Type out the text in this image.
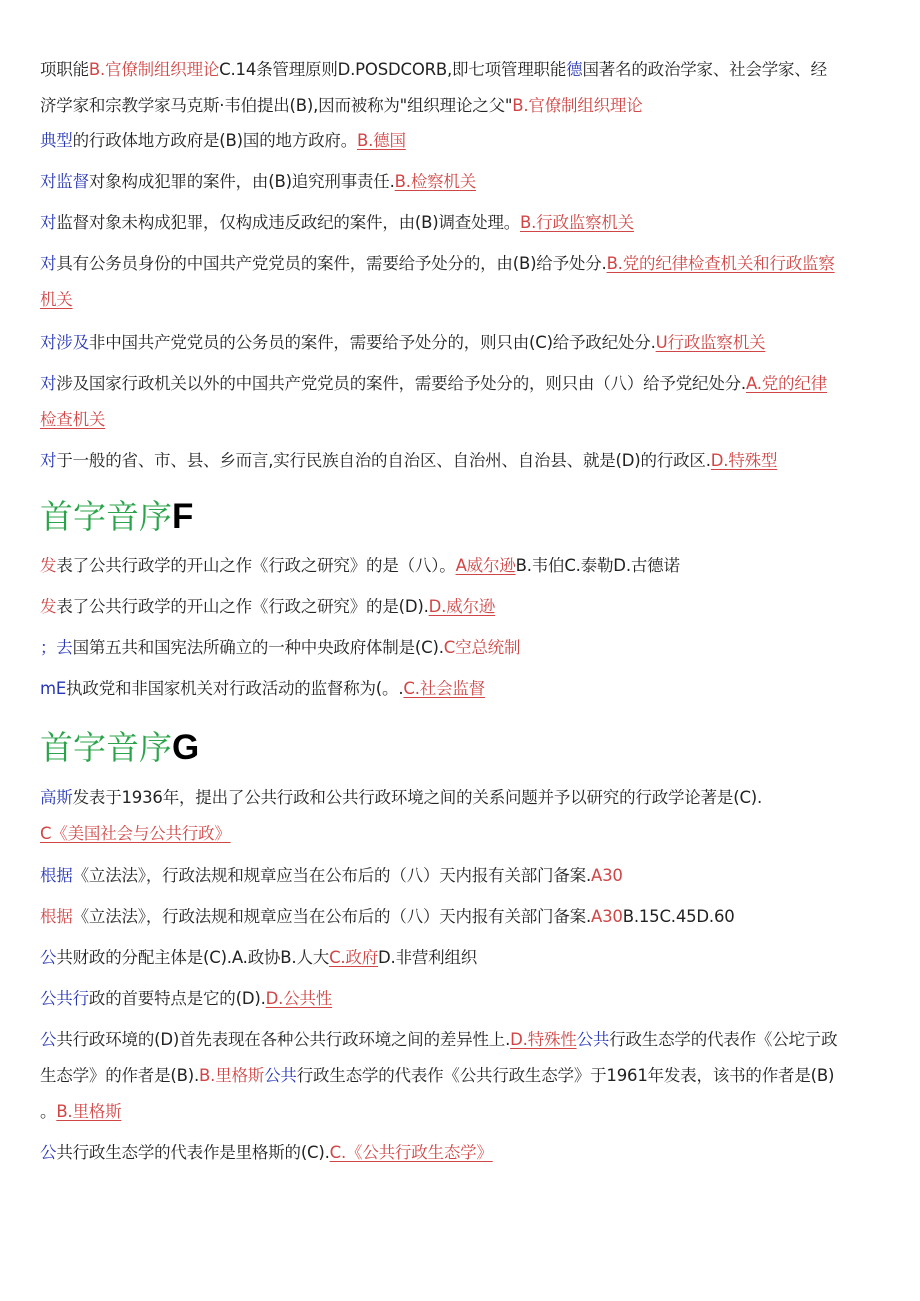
项职能B.官僚制组织理论C.14条管理原则D.POSDCORB,即七项管理职能德国著名的政治学家、社会学家、经
济学家和宗教学家马克斯·韦伯提出(B),因而被称为"组织理论之父"B.官僚制组织理论
典型的行政体地方政府是(B)国的地方政府。B.德国
对监督对象构成犯罪的案件，由(B)追究刑事责任.B.检察机关
对监督对象未构成犯罪，仅构成违反政纪的案件，由(B)调查处理。B.行政监察机关
对具有公务员身份的中国共产党党员的案件，需要给予处分的，由(B)给予处分.B.党的纪律检查机关和行政监察
机关
对涉及非中国共产党党员的公务员的案件，需要给予处分的，则只由(C)给予政纪处分.U行政监察机关
对涉及国家行政机关以外的中国共产党党员的案件，需要给予处分的，则只由（八）给予党纪处分.A.党的纪律
检查机关
对于一般的省、市、县、乡而言,实行民族自治的自治区、自治州、自治县、就是(D)的行政区.D.特殊型
首字音序F
发表了公共行政学的开山之作《行政之研究》的是（八）。A威尔逊B.韦伯C.泰勒D.古德诺
发表了公共行政学的开山之作《行政之研究》的是(D).D.威尔逊
；去国第五共和国宪法所确立的一种中央政府体制是(C).C空总统制
mE执政党和非国家机关对行政活动的监督称为(。.C.社会监督
首字音序G
高斯发表于1936年，提出了公共行政和公共行政环境之间的关系问题并予以研究的行政学论著是(C).
C《美国社会与公共行政》
根据《立法法》，行政法规和规章应当在公布后的（八）天内报有关部门备案.A30
根据《立法法》，行政法规和规章应当在公布后的（八）天内报有关部门备案.A30B.15C.45D.60
公共财政的分配主体是(C).A.政协B.人大C.政府D.非营利组织
公共行政的首要特点是它的(D).D.公共性
公共行政环境的(D)首先表现在各种公共行政环境之间的差异性上.D.特殊性公共行政生态学的代表作《公坨亍政
生态学》的作者是(B).B.里格斯公共行政生态学的代表作《公共行政生态学》于1961年发表，该书的作者是(B)
。B.里格斯
公共行政生态学的代表作是里格斯的(C).C.《公共行政生态学》
